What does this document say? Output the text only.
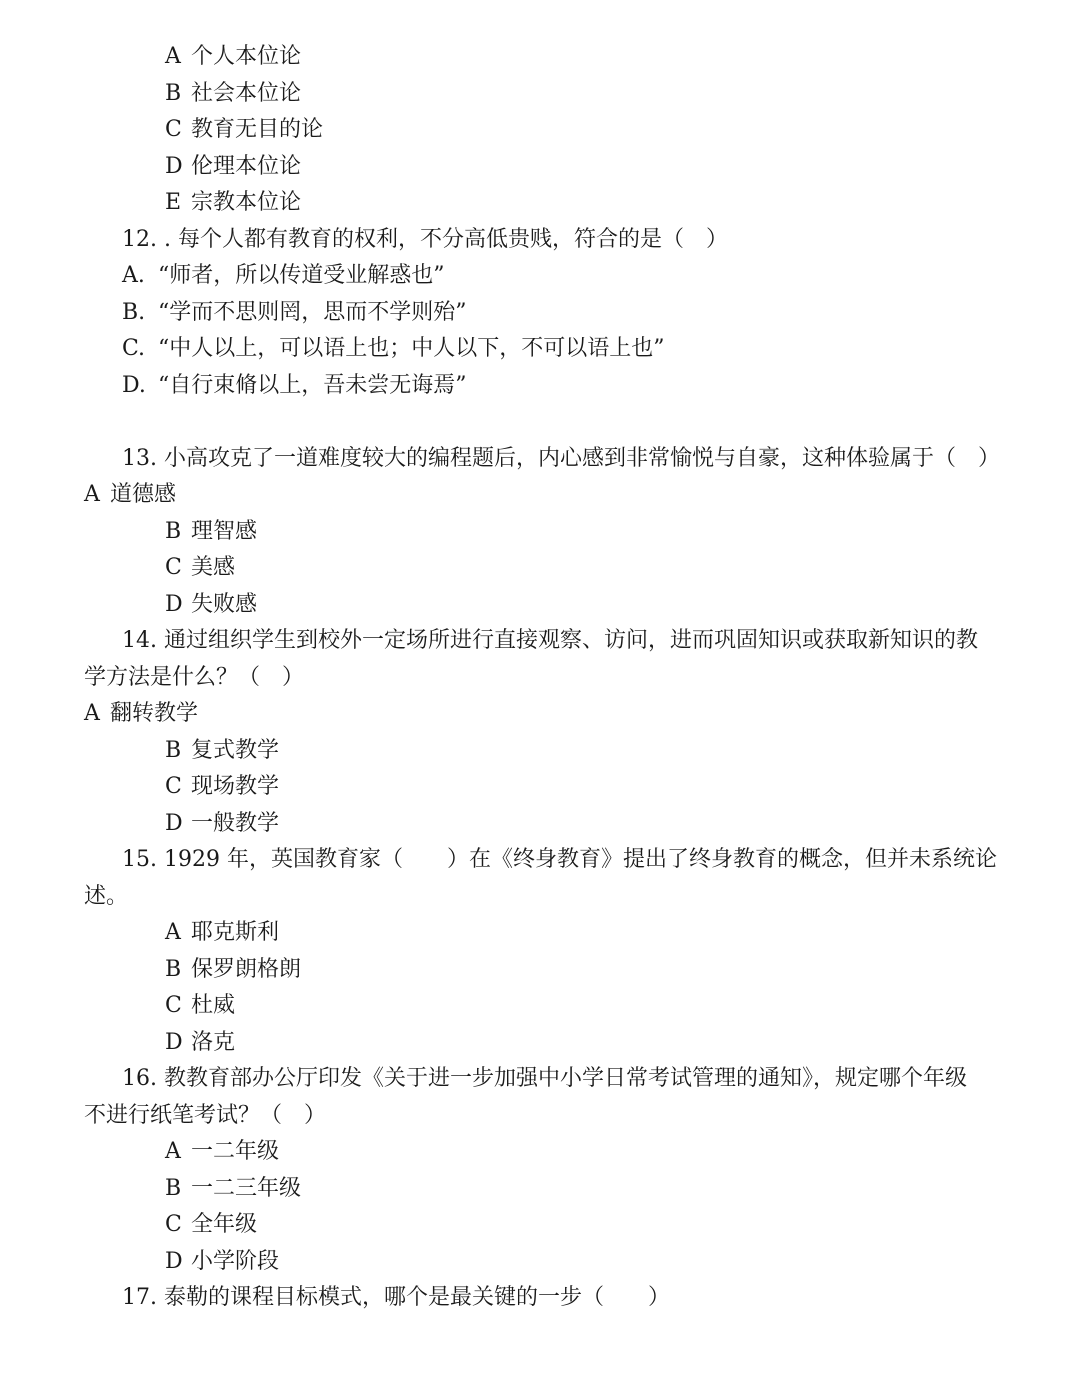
A 个人本位论
B 社会本位论
C 教育无目的论
D 伦理本位论
E 宗教本位论
12. . 每个人都有教育的权利，不分高低贵贱，符合的是（　）
A. “师者，所以传道受业解惑也”
B. “学而不思则罔，思而不学则殆”
C. “中人以上，可以语上也；中人以下，不可以语上也”
D. “自行束脩以上，吾未尝无诲焉”
13. 小高攻克了一道难度较大的编程题后，内心感到非常愉悦与自豪，这种体验属于（　）
A 道德感
B 理智感
C 美感
D 失败感
14. 通过组织学生到校外一定场所进行直接观察、访问，进而巩固知识或获取新知识的教
学方法是什么？（　）
A 翻转教学
B 复式教学
C 现场教学
D 一般教学
15. 1929 年，英国教育家（　　）在《终身教育》提出了终身教育的概念，但并未系统论
述。
A 耶克斯利
B 保罗朗格朗
C 杜威
D 洛克
16. 教教育部办公厅印发《关于进一步加强中小学日常考试管理的通知》，规定哪个年级
不进行纸笔考试？（　）
A 一二年级
B 一二三年级
C 全年级
D 小学阶段
17. 泰勒的课程目标模式，哪个是最关键的一步（　　）
